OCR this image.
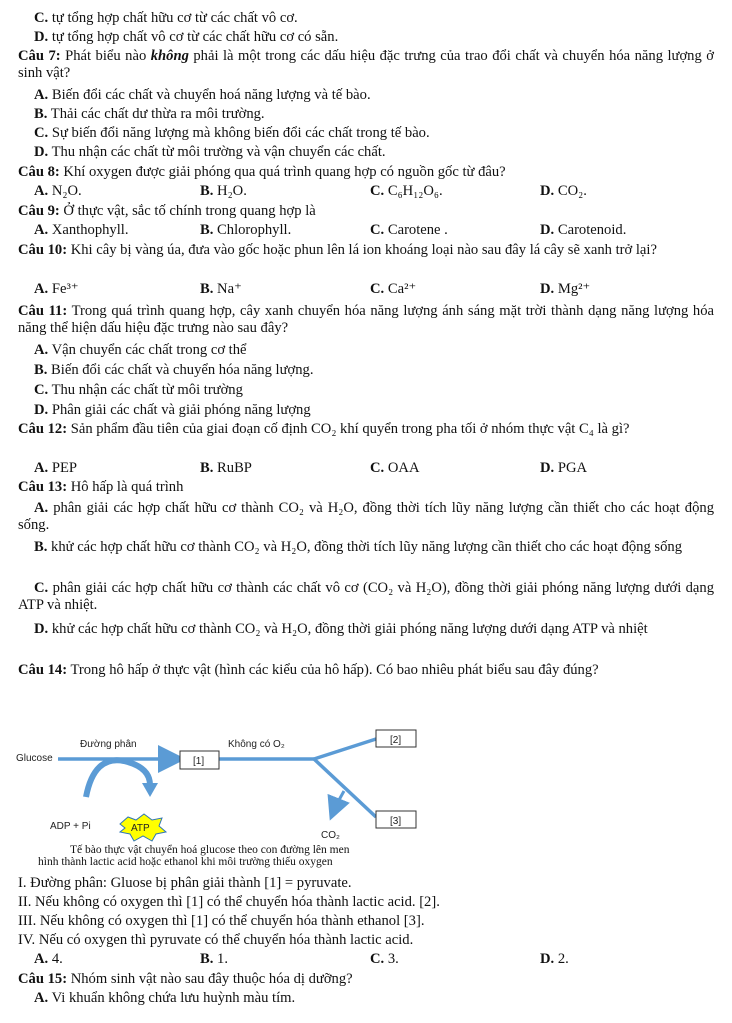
C. tự tổng hợp chất hữu cơ từ các chất vô cơ.
D. tự tổng hợp chất vô cơ từ các chất hữu cơ có sẵn.
Câu 7: Phát biểu nào không phải là một trong các dấu hiệu đặc trưng của trao đổi chất và chuyển hóa năng lượng ở sinh vật?
A. Biến đổi các chất và chuyển hoá năng lượng và tế bào.
B. Thải các chất dư thừa ra môi trường.
C. Sự biến đổi năng lượng mà không biến đổi các chất trong tế bào.
D. Thu nhận các chất từ môi trường và vận chuyển các chất.
Câu 8: Khí oxygen được giải phóng qua quá trình quang hợp có nguồn gốc từ đâu?
A. N₂O.	B. H₂O.	C. C₆H₁₂O₆.	D. CO₂.
Câu 9: Ở thực vật, sắc tố chính trong quang hợp là
A. Xanthophyll.	B. Chlorophyll.	C. Carotene .	D. Carotenoid.
Câu 10: Khi cây bị vàng úa, đưa vào gốc hoặc phun lên lá ion khoáng loại nào sau đây lá cây sẽ xanh trở lại?
A. Fe³⁺	B. Na⁺	C. Ca²⁺	D. Mg²⁺
Câu 11: Trong quá trình quang hợp, cây xanh chuyển hóa năng lượng ánh sáng mặt trời thành dạng năng lượng hóa năng thể hiện dấu hiệu đặc trưng nào sau đây?
A. Vận chuyển các chất trong cơ thể
B. Biến đổi các chất và chuyển hóa năng lượng.
C. Thu nhận các chất từ môi trường
D. Phân giải các chất và giải phóng năng lượng
Câu 12: Sản phẩm đầu tiên của giai đoạn cố định CO₂ khí quyển trong pha tối ở nhóm thực vật C₄ là gì?
A. PEP	B. RuBP	C. OAA	D. PGA
Câu 13: Hô hấp là quá trình
A. phân giải các hợp chất hữu cơ thành CO₂ và H₂O, đồng thời tích lũy năng lượng cần thiết cho các hoạt động sống.
B. khử các hợp chất hữu cơ thành CO₂ và H₂O, đồng thời tích lũy năng lượng cần thiết cho các hoạt động sống
C. phân giải các hợp chất hữu cơ thành các chất vô cơ (CO₂ và H₂O), đồng thời giải phóng năng lượng dưới dạng ATP và nhiệt.
D. khử các hợp chất hữu cơ thành CO₂ và H₂O, đồng thời giải phóng năng lượng dưới dạng ATP và nhiệt
Câu 14: Trong hô hấp ở thực vật (hình các kiểu của hô hấp). Có bao nhiêu phát biểu sau đây đúng?
Glucose
Đường phân
[1]
Không có O₂	[2]
[3]
ADP + Pi	ATP
CO₂
Tế bào thực vật chuyển hoá glucose theo con đường lên men
hình thành lactic acid hoặc ethanol khi môi trường thiếu oxygen
I. Đường phân: Gluose bị phân giải thành [1] = pyruvate.
II. Nếu không có oxygen thì [1] có thể chuyển hóa thành lactic acid. [2].
III. Nếu không có oxygen thì [1] có thể chuyển hóa thành ethanol [3].
IV. Nếu có oxygen thì pyruvate có thể chuyển hóa thành lactic acid.
A. 4.	B. 1.	C. 3.	D. 2.
Câu 15: Nhóm sinh vật nào sau đây thuộc hóa dị dưỡng?
A. Vi khuẩn không chứa lưu huỳnh màu tím.
